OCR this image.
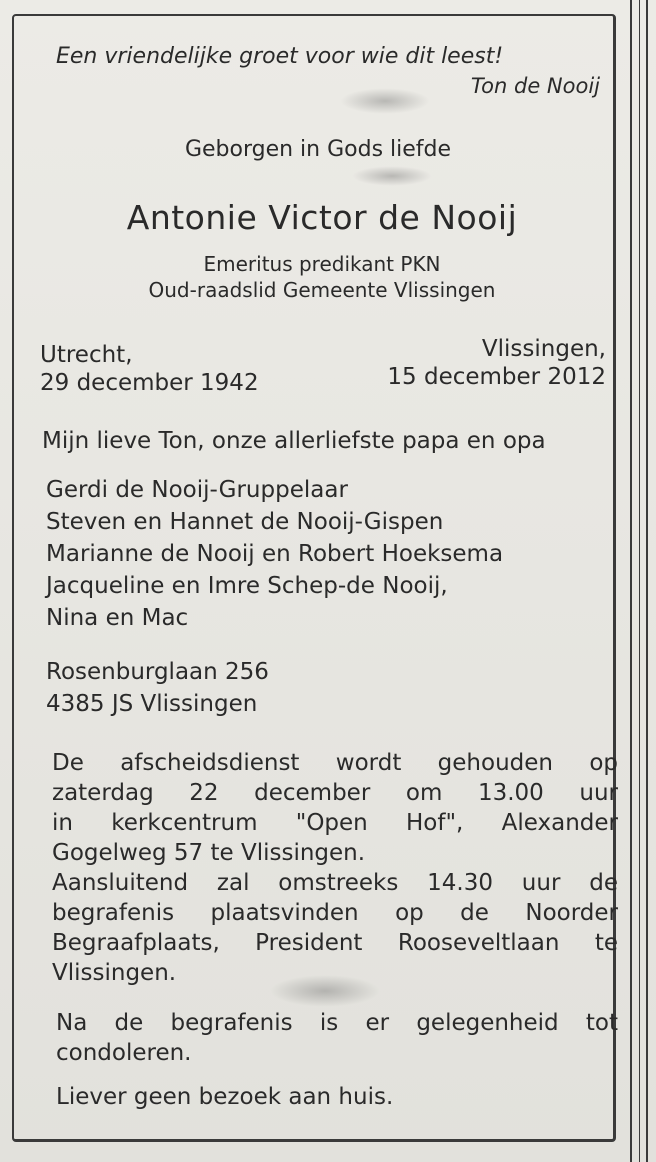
Een vriendelijke groet voor wie dit leest!

Ton de Nooij

Geborgen in Gods liefde

Antonie Victor de Nooij

Emeritus predikant PKN

Oud-raadslid Gemeente Vlissingen

Utrecht,

29 december 1942

Vlissingen,

15 december 2012

Mijn lieve Ton, onze allerliefste papa en opa

Gerdi de Nooij-Gruppelaar
Steven en Hannet de Nooij-Gispen
Marianne de Nooij en Robert Hoeksema
Jacqueline en Imre Schep-de Nooij,
Nina en Mac
Rosenburglaan 256
4385 JS Vlissingen
De afscheidsdienst wordt gehouden op
zaterdag 22 december om 13.00 uur
in kerkcentrum "Open Hof", Alexander
Gogelweg 57 te Vlissingen.
Aansluitend zal omstreeks 14.30 uur de
begrafenis plaatsvinden op de Noorder
Begraafplaats, President Rooseveltlaan te
Vlissingen.
Na de begrafenis is er gelegenheid tot
condoleren.

Liever geen bezoek aan huis.
